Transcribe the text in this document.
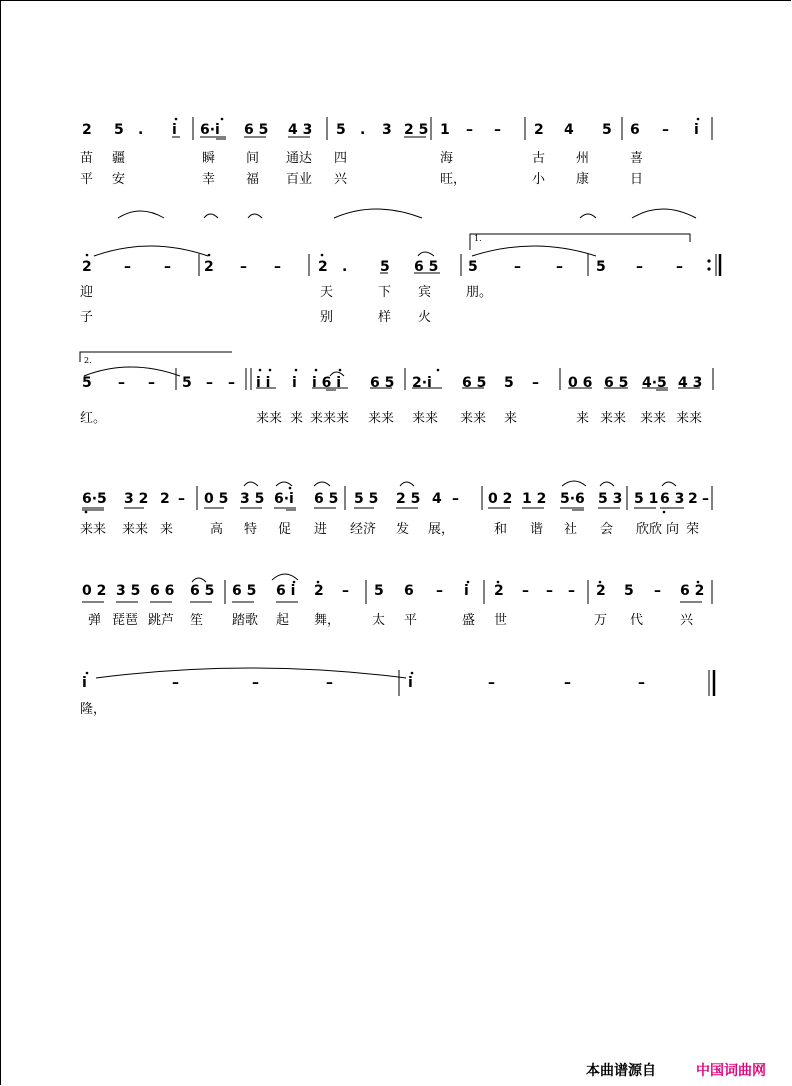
2 5 . i 6·i 6 5 4 3 5 . 3 2 5 1 – – 2 4 5 6 – i
苗 疆	瞬 间 通达 四	海	古 州	喜
平 安	幸 福 百业 兴	旺，	小 康	日
1.
2 – – 2 – –	2 . 5 6 5 5	–	– 5 – –
迎	天	下 宾	朋。
子	别	样 火
2.
5 – – 5 – – i i i i 6 i 6 5 2·i 6 5 5 – 0 6 6 5 4·5 4 3
红。	来来 来 来来来 来来 来来 来来 来	来 来来 来来 来来
6·5 3 2 2 – 0 5 3 5 6·i 6 5 5 5 2 5 4 – 0 2 1 2 5·6 5 3 5 1 6 3 2 –
来来 来来 来	高 特 促 进 经济 发 展，	和 谐 社 会 欣欣 向 荣
0 2 3 5 6 6 6 5 6 5 6 i 2 – 5 6 – i 2 – – – 2 5 – 6 2
弹 琵琶 跳芦 笙 踏歌 起 舞， 太 平	盛 世	万 代	兴
i	–	–	–	i	–	–	–
隆，
本曲谱源自	中国词曲网
